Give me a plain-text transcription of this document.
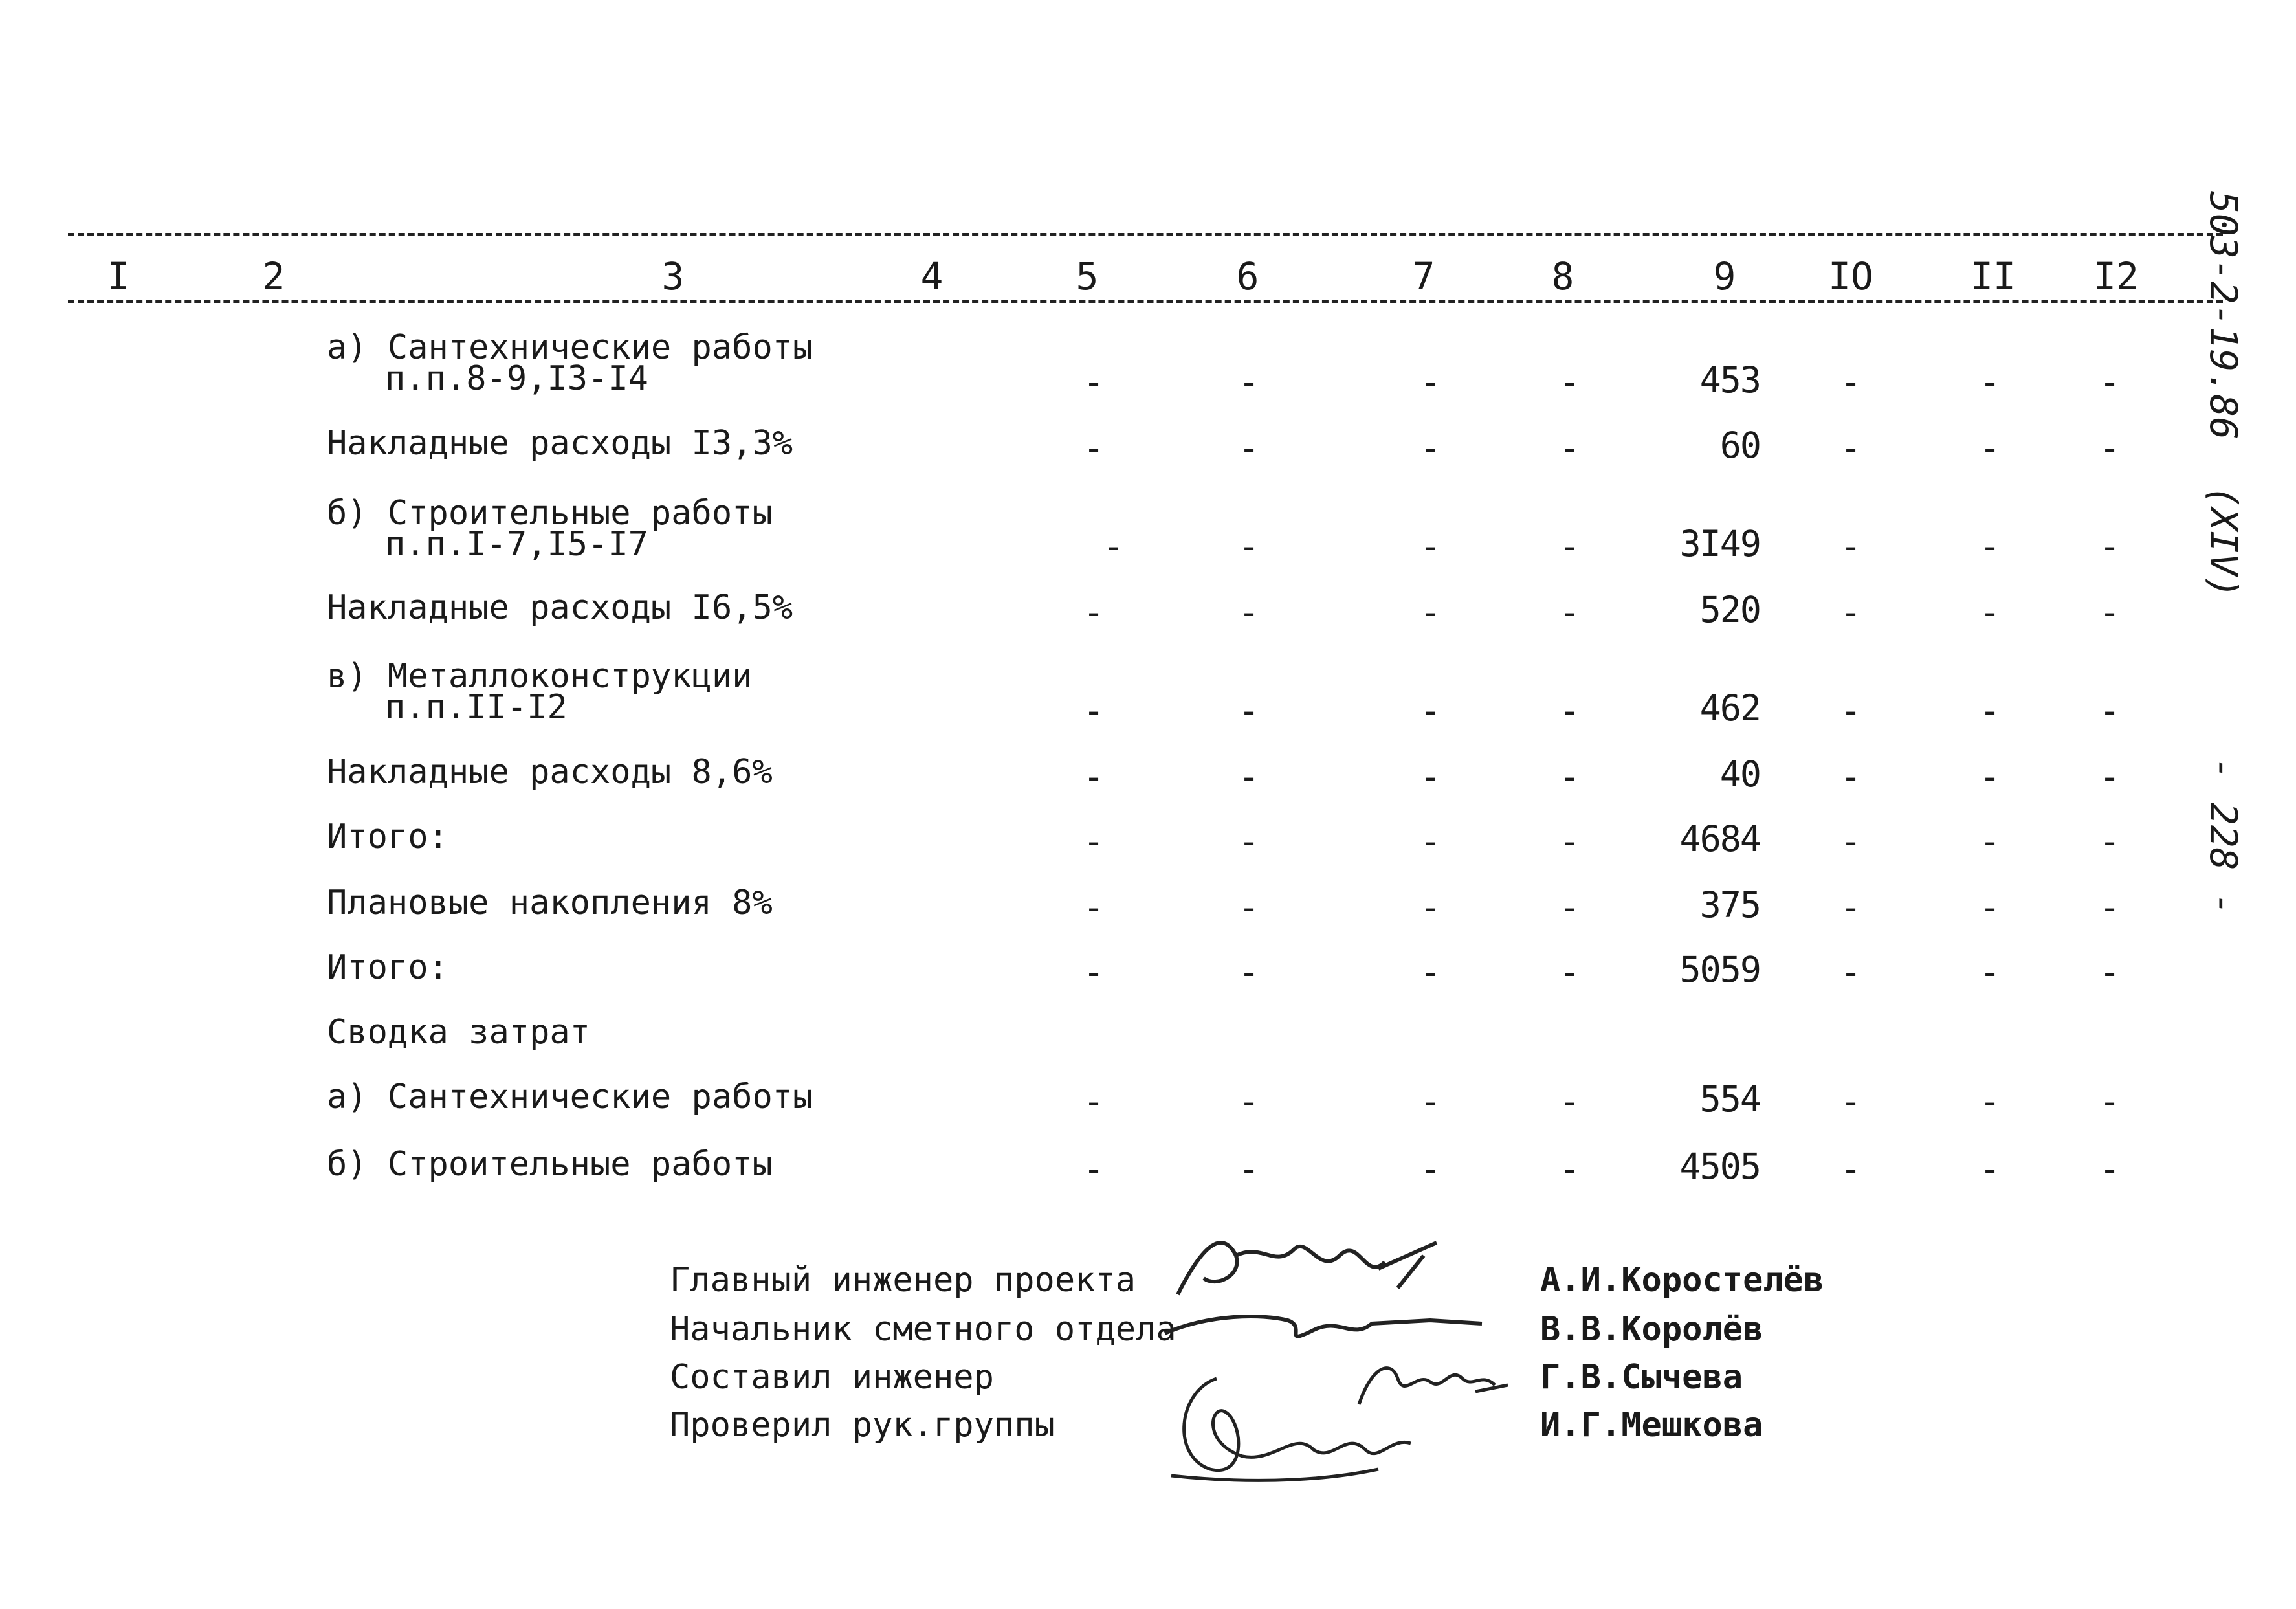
I	2	3	4	5	6	7	8	9	IO	II	I2
а) Сантехнические работы
п.п.8-9,I3-I4	-	-	-	-	453	-	-	-
Накладные расходы I3,3%	-	-	-	-	60	-	-	-
б) Строительные работы
п.п.I-7,I5-I7	-	-	-	-	3I49	-	-	-
Накладные расходы I6,5%	-	-	-	-	520	-	-	-
в) Металлоконструкции
п.п.II-I2	-	-	-	-	462	-	-	-
Накладные расходы 8,6%	-	-	-	-	40	-	-	-
Итого:	-	-	-	-	4684	-	-	-
Плановые накопления 8%	-	-	-	-	375	-	-	-
Итого:	-	-	-	-	5059	-	-	-
Сводка затрат
а) Сантехнические работы	-	-	-	-	554	-	-	-
б) Строительные работы	-	-	-	-	4505	-	-	-
Главный инженер проекта	А.И.Коростелёв
Начальник сметного отдела	В.В.Королёв
Составил инженер	Г.В.Сычева
Проверил рук.группы	И.Г.Мешкова
503-2-19.86
(XIV)
- 228 -
